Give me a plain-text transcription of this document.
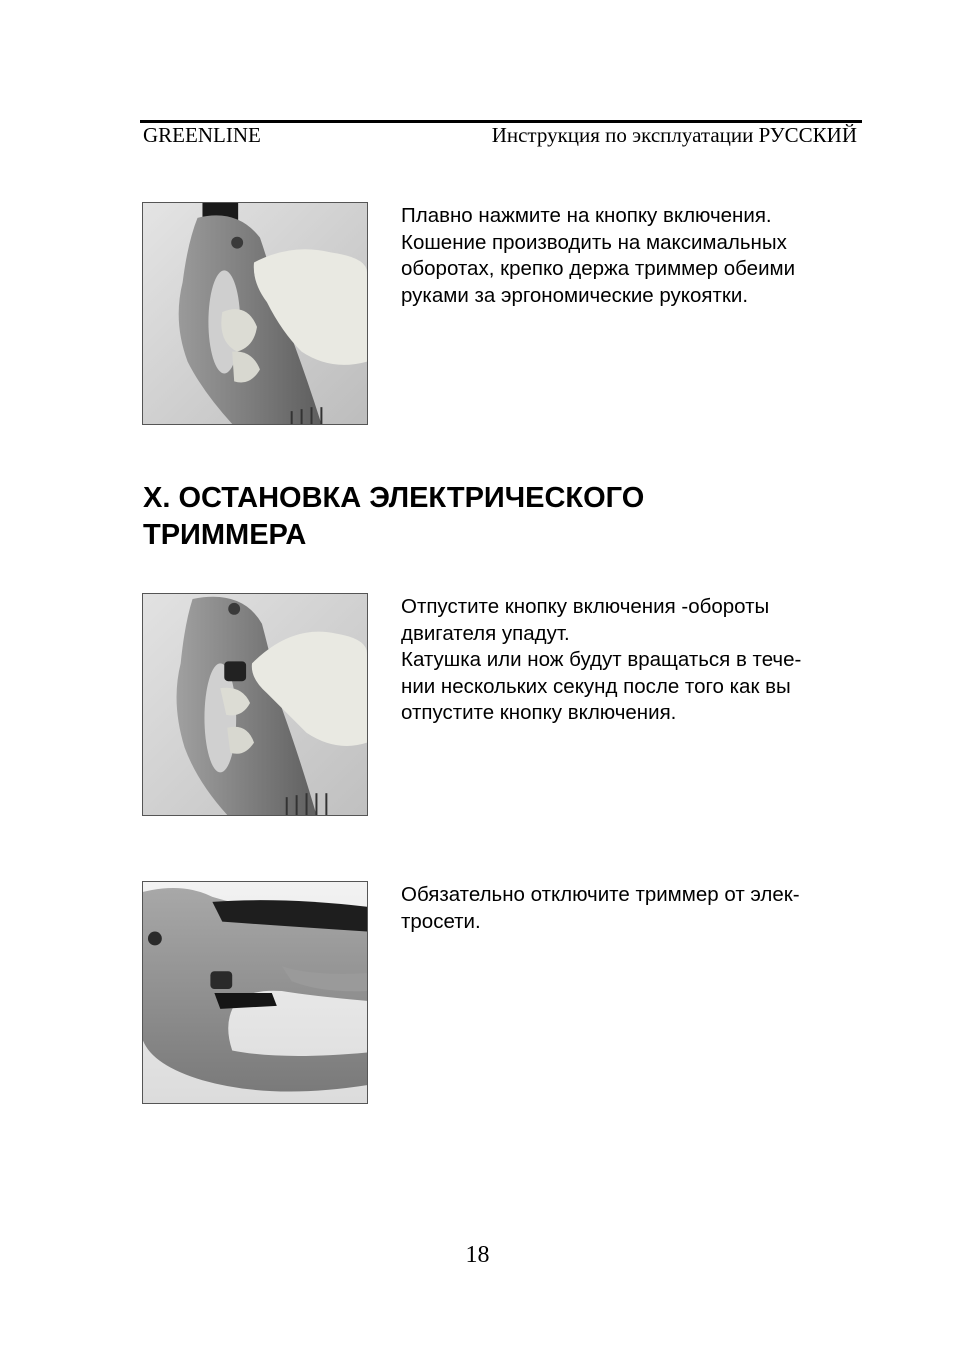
GREENLINE	Инструкция по эксплуатации РУССКИЙ

Плавно нажмите на кнопку включения.

Кошение производить на максимальных

оборотах, крепко держа триммер обеими

руками за эргономические рукоятки.

X. ОСТАНОВКА ЭЛЕКТРИЧЕСКОГО
ТРИММЕРА

Отпустите кнопку включения -обороты

двигателя упадут.

Катушка или нож будут вращаться в тече-

нии нескольких секунд после того как вы

отпустите кнопку включения.

Обязательно отключите триммер от элек-

тросети.

18
